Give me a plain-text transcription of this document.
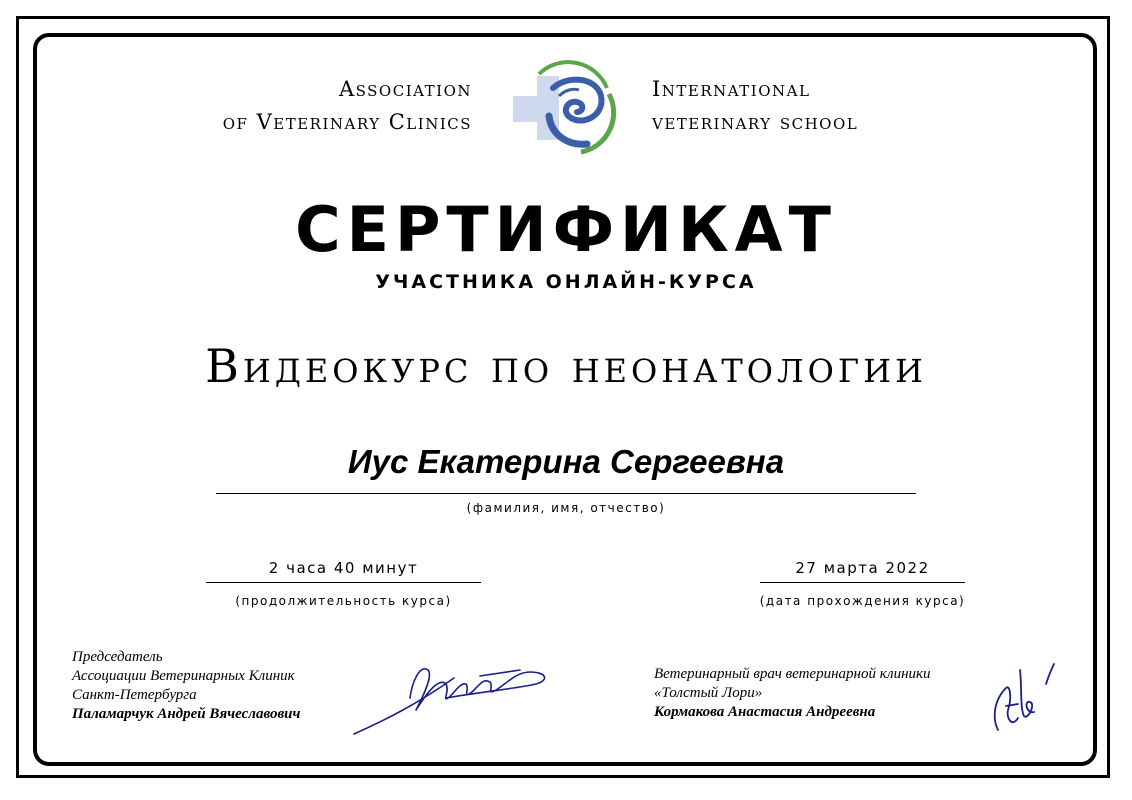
Association
of Veterinary Clinics
International
veterinary school
СЕРТИФИКАТ
УЧАСТНИКА ОНЛАЙН-КУРСА
Видеокурс по неонатологии
Иус Екатерина Сергеевна
(фамилия, имя, отчество)
2 часа 40 минут
(продолжительность курса)
27 марта 2022
(дата прохождения курса)
Председатель
Ассоциации Ветеринарных Клиник
Санкт-Петербурга
Паламарчук Андрей Вячеславович
Ветеринарный врач ветеринарной клиники
«Толстый Лори»
Кормакова Анастасия Андреевна
